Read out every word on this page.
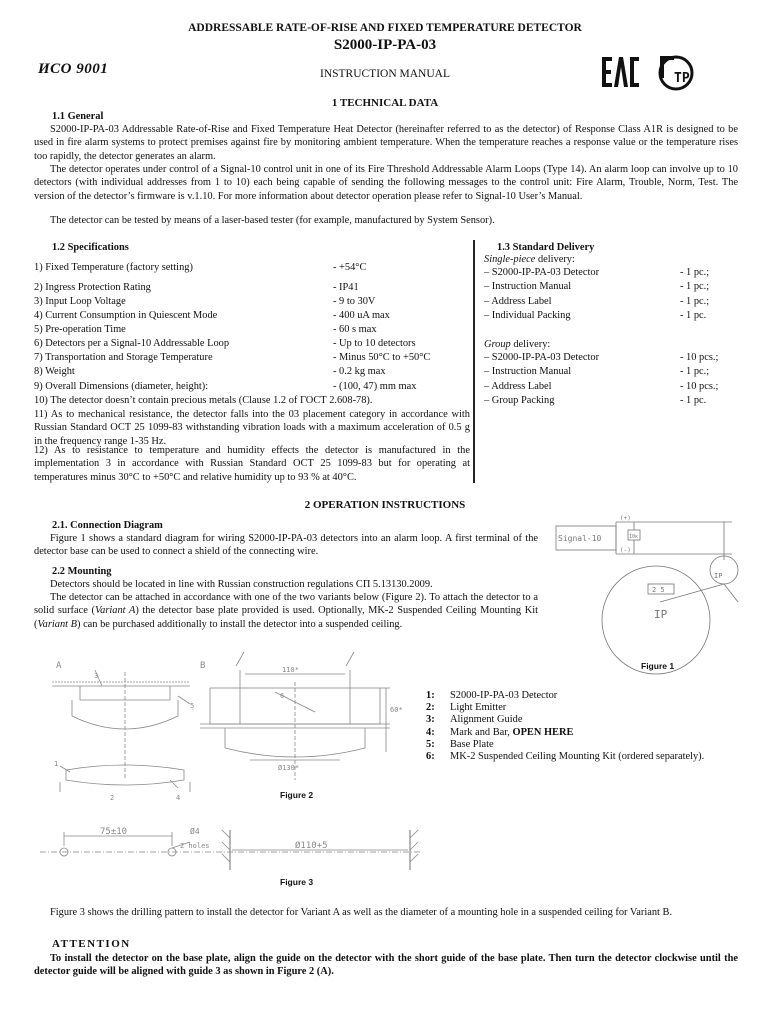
ADDRESSABLE RATE-OF-RISE AND FIXED TEMPERATURE DETECTOR
S2000-IP-PA-03
ИСО 9001	INSTRUCTION MANUAL	ТР
1 TECHNICAL DATA
1.1 General
S2000-IP-PA-03 Addressable Rate-of-Rise and Fixed Temperature Heat Detector (hereinafter referred to as the detector) of Response Class A1R is designed to be used in fire alarm systems to protect premises against fire by monitoring ambient temperature. When the temperature reaches a response value or the temperature rises too rapidly, the detector generates an alarm.
The detector operates under control of a Signal-10 control unit in one of its Fire Threshold Addressable Alarm Loops (Type 14). An alarm loop can involve up to 10 detectors (with individual addresses from 1 to 10) each being capable of sending the following messages to the control unit: Fire Alarm, Trouble, Norm, Test. The version of the detector’s firmware is v.1.10. For more information about detector operation please refer to Signal-10 User’s Manual.
The detector can be tested by means of a laser-based tester (for example, manufactured by System Sensor).
1.2 Specifications
1) Fixed Temperature (factory setting)	- +54°C
2) Ingress Protection Rating	- IP41
3) Input Loop Voltage	- 9 to 30V
4) Current Consumption in Quiescent Mode	- 400 uA max
5) Pre-operation Time	- 60 s max
6) Detectors per a Signal-10 Addressable Loop	- Up to 10 detectors
7) Transportation and Storage Temperature	- Minus 50°C to +50°C
8) Weight	- 0.2 kg max
9) Overall Dimensions (diameter, height):	- (100, 47) mm max
10) The detector doesn’t contain precious metals (Clause 1.2 of ГОСТ 2.608-78).
11) As to mechanical resistance, the detector falls into the 03 placement category in accordance with Russian Standard ОСТ 25 1099-83 withstanding vibration loads with a maximum acceleration of 0.5 g in the frequency range 1-35 Hz.
12) As to resistance to temperature and humidity effects the detector is manufactured in the implementation 3 in accordance with Russian Standard ОСТ 25 1099-83 but for operating at temperatures minus 30°C to +50°C and relative humidity up to 93 % at 40°C.
1.3 Standard Delivery
Single-piece delivery:
– S2000-IP-PA-03 Detector	- 1 pc.;
– Instruction Manual	- 1 pc.;
– Address Label	- 1 pc.;
– Individual Packing	- 1 pc.
Group delivery:
– S2000-IP-PA-03 Detector	- 10 pcs.;
– Instruction Manual	- 1 pc.;
– Address Label	- 10 pcs.;
– Group Packing	- 1 pc.
2 OPERATION INSTRUCTIONS
2.1. Connection Diagram
Figure 1 shows a standard diagram for wiring S2000-IP-PA-03 detectors into an alarm loop. A first terminal of the detector base can be used to connect a shield of the connecting wire.
2.2 Mounting
Detectors should be located in line with Russian construction regulations СП 5.13130.2009.
The detector can be attached in accordance with one of the two variants below (Figure 2). To attach the detector to a solid surface (Variant A) the detector base plate provided is used. Optionally, MK-2 Suspended Ceiling Mounting Kit (Variant B) can be purchased additionally to install the detector into a suspended ceiling.
Signal-10
(+)
(-)
10к
IP
2 5
IP
Figure 1
A	B
3
5
1
4
2
6
110*
60*
Ø130*
Figure 2
1: S2000-IP-PA-03 Detector
2: Light Emitter
3: Alignment Guide
4: Mark and Bar, OPEN HERE
5: Base Plate
6: MK-2 Suspended Ceiling Mounting Kit (ordered separately).
75±10	Ø4
2 holes	Ø110+5
Figure 3
Figure 3 shows the drilling pattern to install the detector for Variant A as well as the diameter of a mounting hole in a suspended ceiling for Variant B.
ATTENTION
To install the detector on the base plate, align the guide on the detector with the short guide of the base plate. Then turn the detector clockwise until the detector guide will be aligned with guide 3 as shown in Figure 2 (A).
